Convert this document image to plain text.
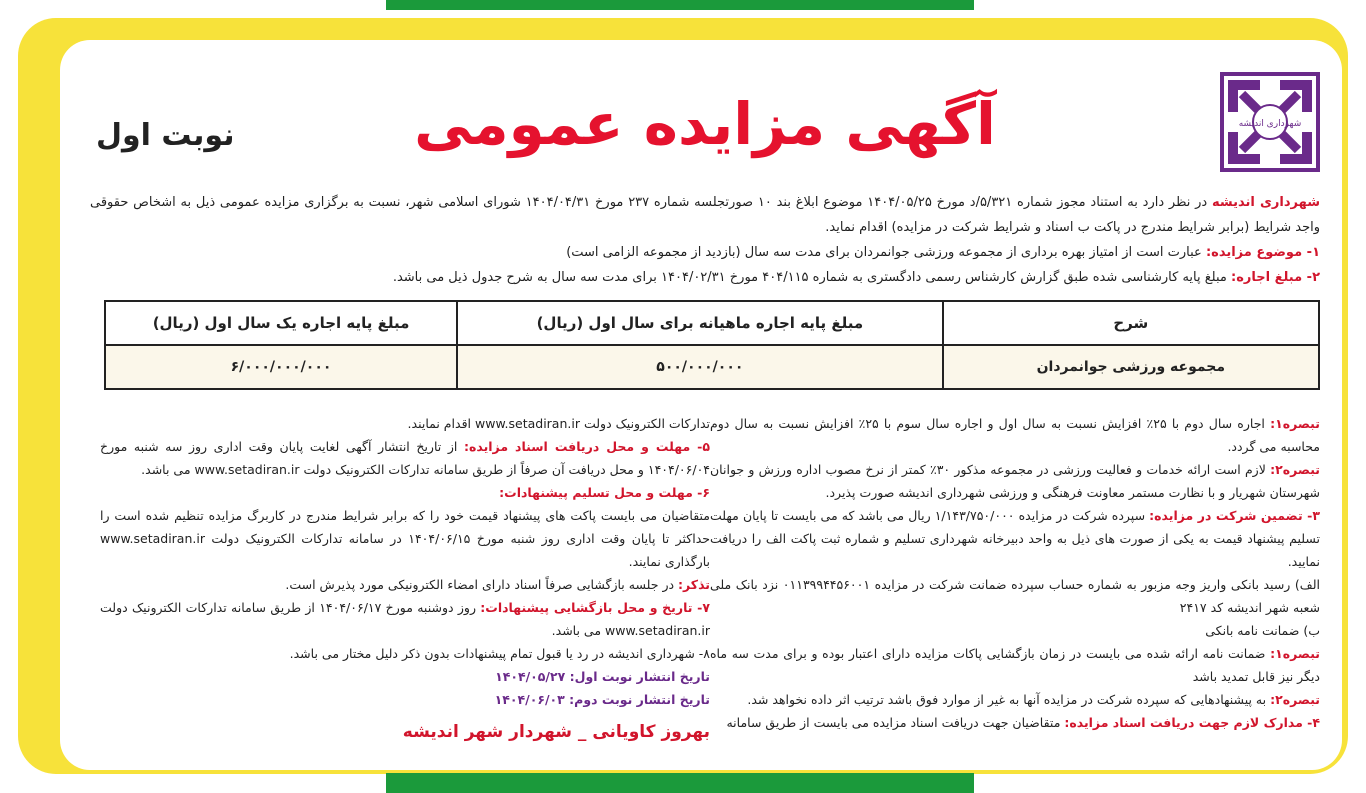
شهرداری اندیشه
آگهی مزایده عمومی
نوبت اول

شهرداری اندیشه در نظر دارد به استناد مجوز شماره ۵/۳۲۱/د مورخ ۱۴۰۴/۰۵/۲۵ موضوع ابلاغ بند ۱۰ صورتجلسه شماره ۲۳۷ مورخ ۱۴۰۴/۰۴/۳۱ شورای اسلامی شهر، نسبت به برگزاری مزایده عمومی ذیل به اشخاص حقوقی واجد شرایط (برابر شرایط مندرج در پاکت ب اسناد و شرایط شرکت در مزایده) اقدام نماید.

۱- موضوع مزایده: عبارت است از امتیاز بهره برداری از مجموعه ورزشی جوانمردان برای مدت سه سال (بازدید از مجموعه الزامی است)

۲- مبلغ اجاره: مبلغ پایه کارشناسی شده طبق گزارش کارشناس رسمی دادگستری به شماره ۴۰۴/۱۱۵ مورخ ۱۴۰۴/۰۲/۳۱ برای مدت سه سال به شرح جدول ذیل می باشد.

شرح	مبلغ پایه اجاره ماهیانه برای سال اول (ریال)	مبلغ پایه اجاره یک سال اول (ریال)
مجموعه ورزشی جوانمردان	۵۰۰/۰۰۰/۰۰۰	۶/۰۰۰/۰۰۰/۰۰۰

تبصره۱: اجاره سال دوم با ۲۵٪ افزایش نسبت به سال اول و اجاره سال سوم با ۲۵٪ افزایش نسبت به سال دوم محاسبه می گردد.

تبصره۲: لازم است ارائه خدمات و فعالیت ورزشی در مجموعه مذکور ۳۰٪ کمتر از نرخ مصوب اداره ورزش و جوانان شهرستان شهریار و با نظارت مستمر معاونت فرهنگی و ورزشی شهرداری اندیشه صورت پذیرد.

۳- تضمین شرکت در مزایده: سپرده شرکت در مزایده ۱/۱۴۳/۷۵۰/۰۰۰ ریال می باشد که می بایست تا پایان مهلت تسلیم پیشنهاد قیمت به یکی از صورت های ذیل به واحد دبیرخانه شهرداری تسلیم و شماره ثبت پاکت الف را دریافت نمایید.

الف) رسید بانکی واریز وجه مزبور به شماره حساب سپرده ضمانت شرکت در مزایده ۰۱۱۳۹۹۴۴۵۶۰۰۱ نزد بانک ملی شعبه شهر اندیشه کد ۲۴۱۷

ب) ضمانت نامه بانکی

تبصره۱: ضمانت نامه ارائه شده می بایست در زمان بازگشایی پاکات مزایده دارای اعتبار بوده و برای مدت سه ماه دیگر نیز قابل تمدید باشد

تبصره۲: به پیشنهادهایی که سپرده شرکت در مزایده آنها به غیر از موارد فوق باشد ترتیب اثر داده نخواهد شد.

۴- مدارک لازم جهت دریافت اسناد مزایده: متقاضیان جهت دریافت اسناد مزایده می بایست از طریق سامانه

تدارکات الکترونیک دولت www.setadiran.ir اقدام نمایند.

۵- مهلت و محل دریافت اسناد مزایده: از تاریخ انتشار آگهی لغایت پایان وقت اداری روز سه شنبه مورخ ۱۴۰۴/۰۶/۰۴ و محل دریافت آن صرفاً از طریق سامانه تدارکات الکترونیک دولت www.setadiran.ir می باشد.

۶- مهلت و محل تسلیم پیشنهادات:

متقاضیان می بایست پاکت های پیشنهاد قیمت خود را که برابر شرایط مندرج در کاربرگ مزایده تنظیم شده است را حداکثر تا پایان وقت اداری روز شنبه مورخ ۱۴۰۴/۰۶/۱۵ در سامانه تدارکات الکترونیک دولت www.setadiran.ir بارگذاری نمایند.

تذکر: در جلسه بازگشایی صرفاً اسناد دارای امضاء الکترونیکی مورد پذیرش است.

۷- تاریخ و محل بازگشایی پیشنهادات: روز دوشنبه مورخ ۱۴۰۴/۰۶/۱۷ از طریق سامانه تدارکات الکترونیک دولت www.setadiran.ir می باشد.

۸- شهرداری اندیشه در رد یا قبول تمام پیشنهادات بدون ذکر دلیل مختار می باشد.

تاریخ انتشار نوبت اول: ۱۴۰۴/۰۵/۲۷

تاریخ انتشار نوبت دوم: ۱۴۰۴/۰۶/۰۳

بهروز کاویانی _ شهردار شهر اندیشه
